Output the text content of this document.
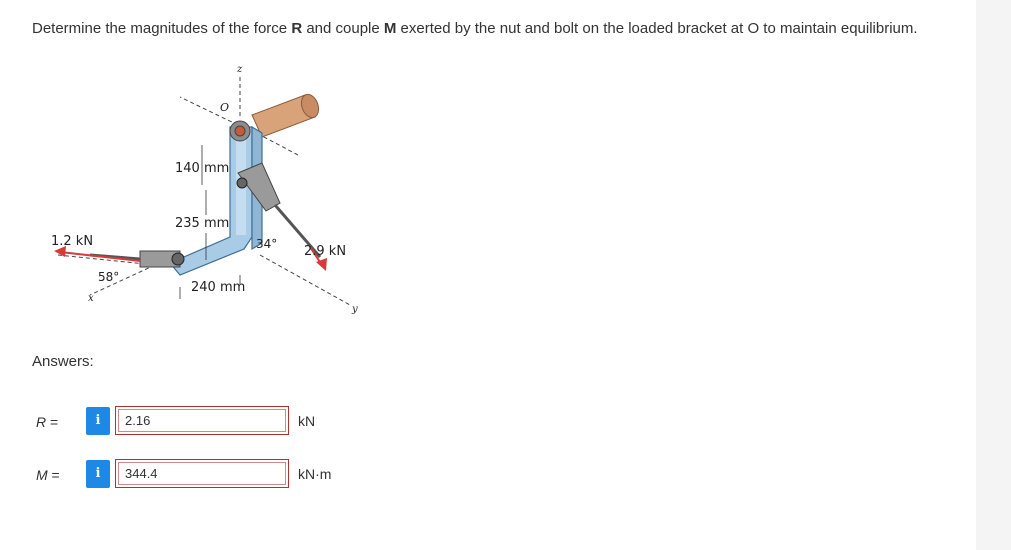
Determine the magnitudes of the force R and couple M exerted by the nut and bolt on the loaded bracket at O to maintain equilibrium.
z
O
x
y
140 mm
235 mm
240 mm
1.2 kN
2.9 kN
58°
34°
Answers:
R =	i	2.16	kN
M =	i	344.4	kN·m
